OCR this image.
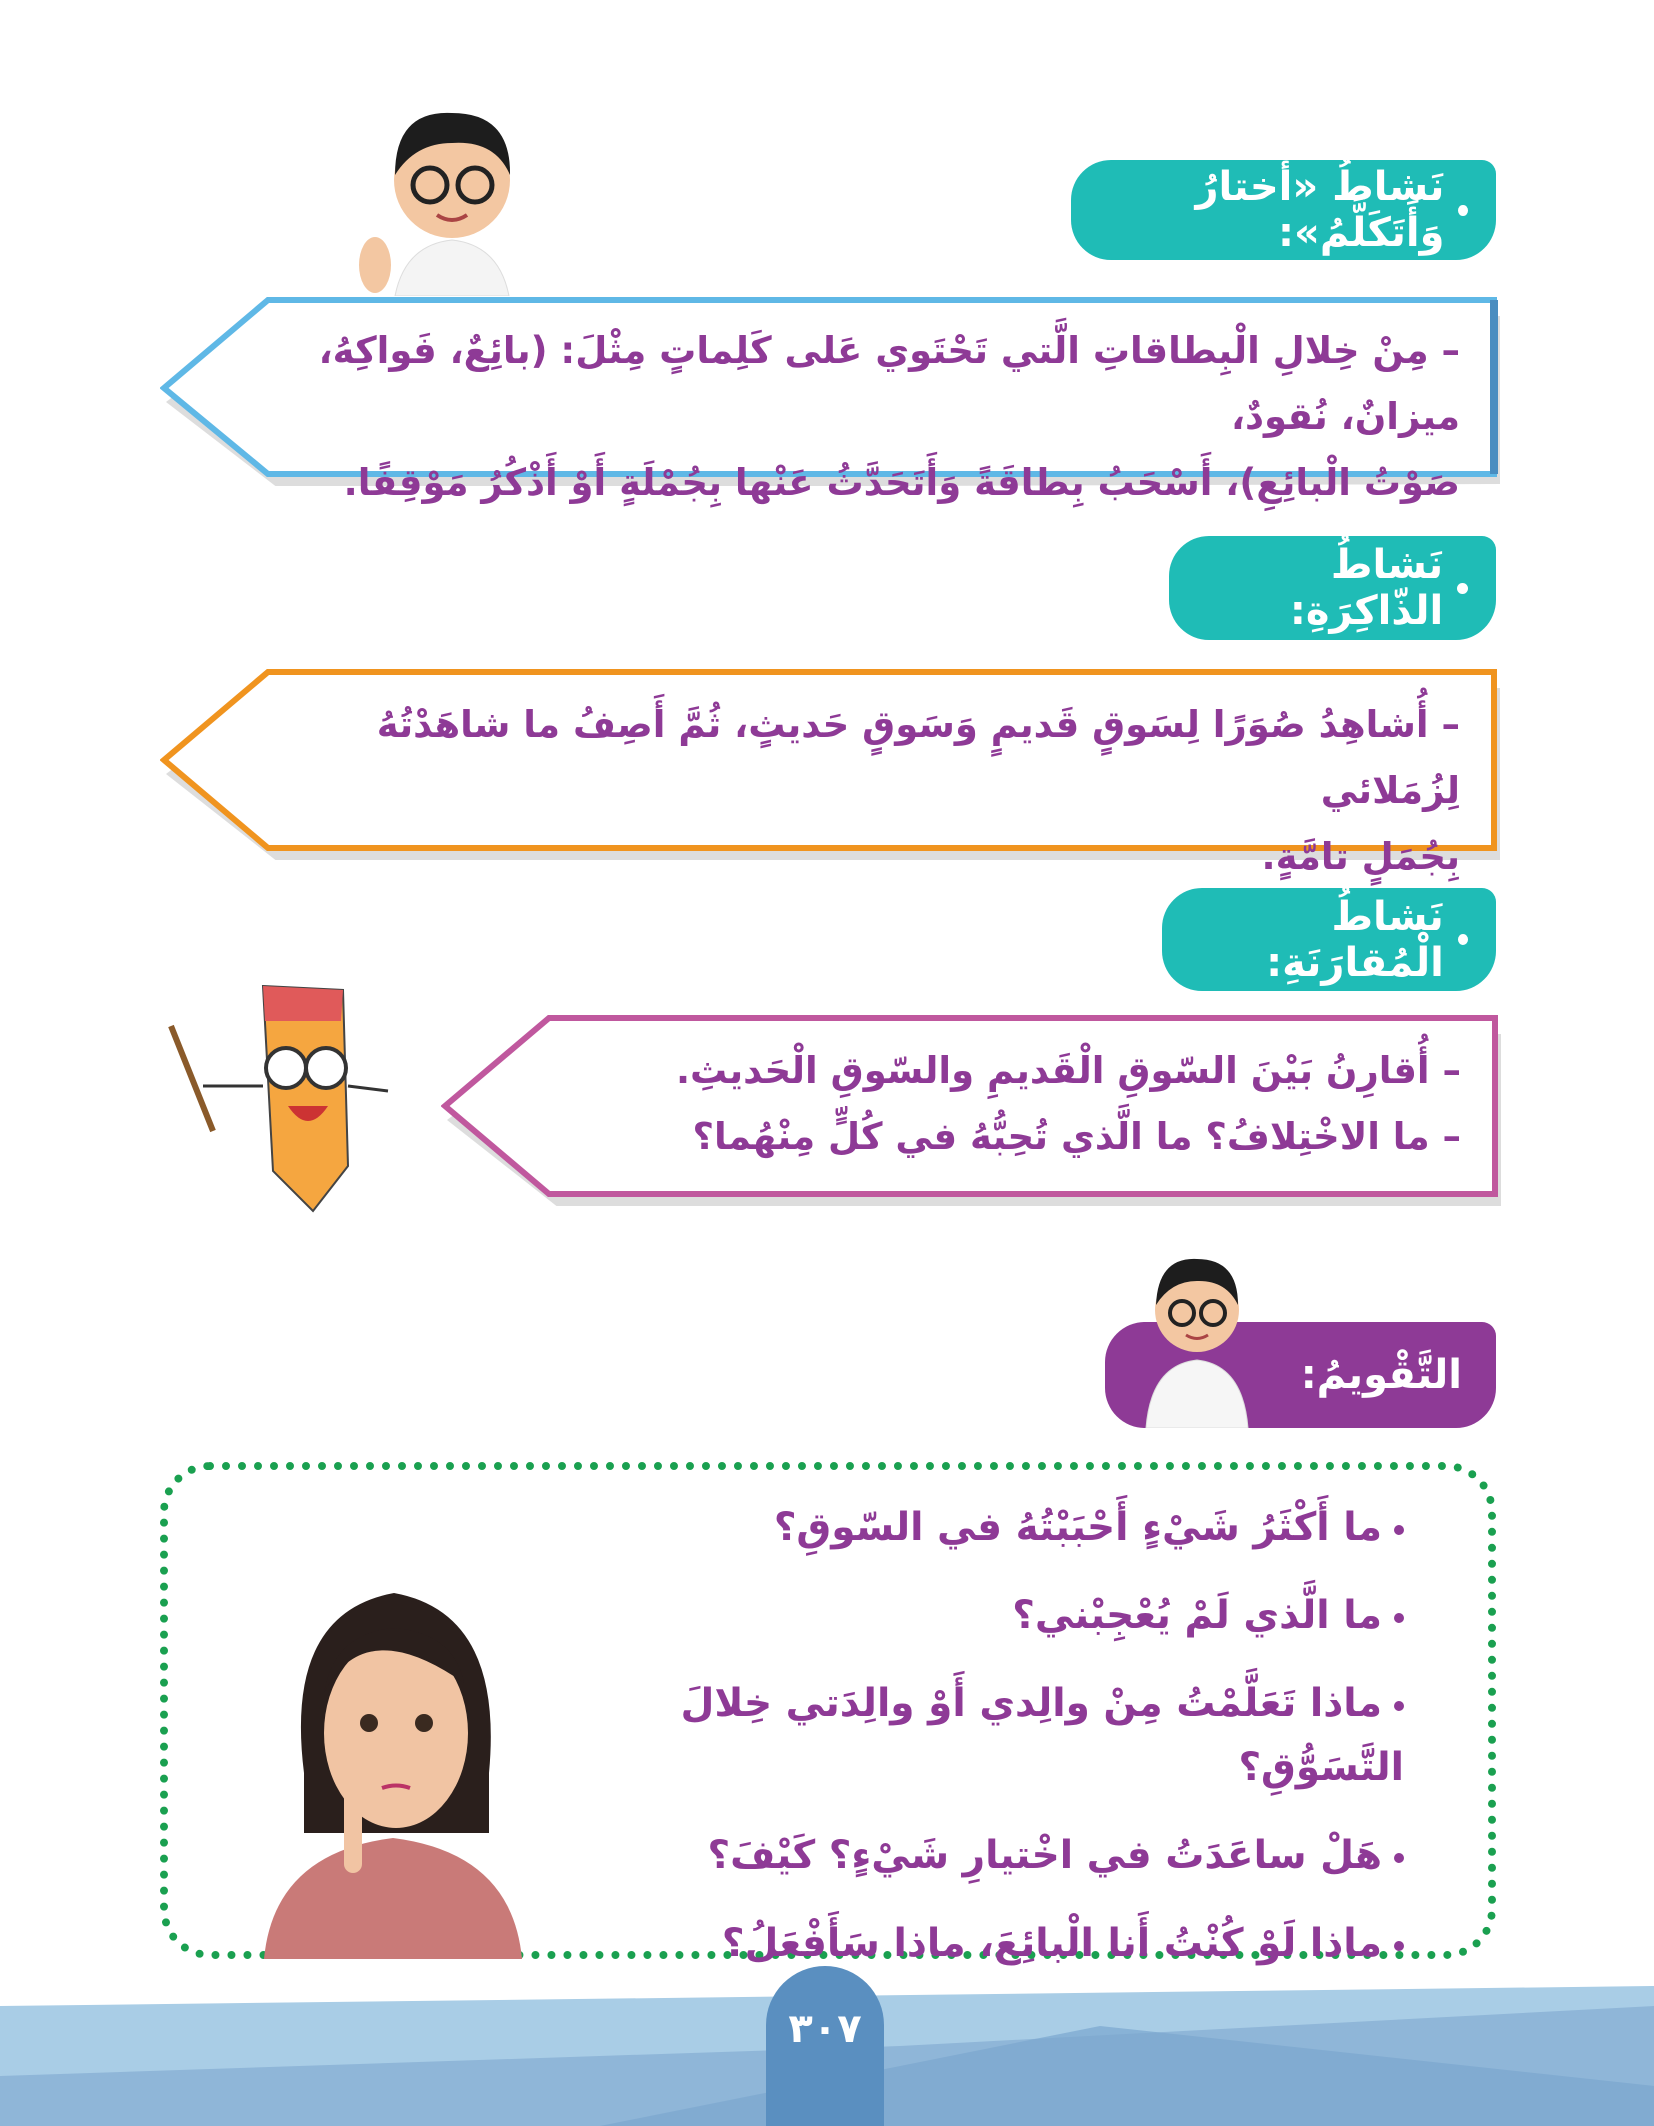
نَشاطُ «أَختارُ وَأَتَكَلَّمُ»:
– مِنْ خِلالِ الْبِطاقاتِ الَّتي تَحْتَوي عَلى كَلِماتٍ مِثْلَ: (بائِعٌ، فَواكِهُ، ميزانٌ، نُقودٌ،
صَوْتُ الْبائِعِ)، أَسْحَبُ بِطاقَةً وَأَتَحَدَّثُ عَنْها بِجُمْلَةٍ أَوْ أَذْكُرُ مَوْقِفًا.
نَشاطُ الذّاكِرَةِ:
– أُشاهِدُ صُوَرًا لِسَوقٍ قَديمٍ وَسَوقٍ حَديثٍ، ثُمَّ أَصِفُ ما شاهَدْتُهُ لِزُمَلائي
بِجُمَلٍ تامَّةٍ.
نَشاطُ الْمُقارَنَةِ:
– أُقارِنُ بَيْنَ السّوقِ الْقَديمِ والسّوقِ الْحَديثِ.
– ما الاخْتِلافُ؟ ما الَّذي تُحِبُّهُ في كُلٍّ مِنْهُما؟
التَّقْويمُ:
ما أَكْثَرُ شَيْءٍ أَحْبَبْتُهُ في السّوقِ؟
ما الَّذي لَمْ يُعْجِبْني؟
ماذا تَعَلَّمْتُ مِنْ والِدي أَوْ والِدَتي خِلالَ التَّسَوُّقِ؟
هَلْ ساعَدَتُ في اخْتيارِ شَيْءٍ؟ كَيْفَ؟
ماذا لَوْ كُنْتُ أَنا الْبائِعَ، ماذا سَأَفْعَلُ؟
٣٠٧
